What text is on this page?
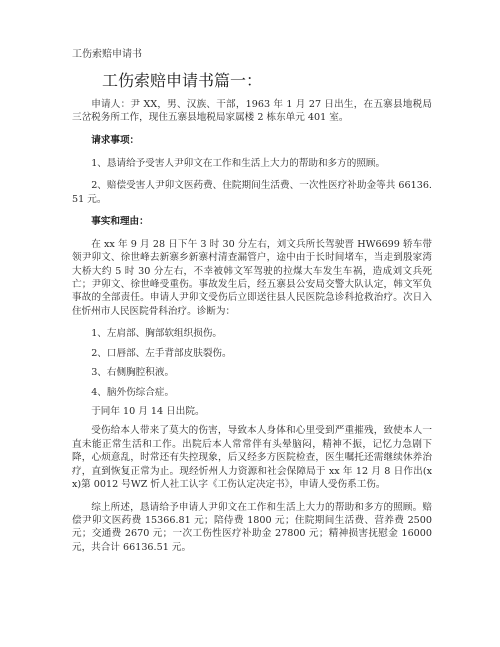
工伤索赔申请书
工伤索赔申请书篇一：

申请人：尹 XX，男、汉族、干部，1963 年 1 月 27 日出生，在五寨县地税局三岔税务所工作，现住五寨县地税局家属楼 2 栋东单元 401 室。

请求事项：

1、恳请给予受害人尹卯文在工作和生活上大力的帮助和多方的照顾。

2、赔偿受害人尹卯文医药费、住院期间生活费、一次性医疗补助金等共 66136.51 元。

事实和理由：

在 xx 年 9 月 28 日下午 3 时 30 分左右，刘文兵所长驾驶晋 HW6699 轿车带领尹卯文、徐世峰去新寨乡新寨村清查漏管户，途中由于长时间堵车，当走到殷家湾大桥大约 5 时 30 分左右，不幸被韩文军驾驶的拉煤大车发生车祸，造成刘文兵死亡；尹卯文、徐世峰受重伤。事故发生后，经五寨县公安局交警大队认定，韩文军负事故的全部责任。申请人尹卯文受伤后立即送往县人民医院急诊科抢救治疗。次日入住忻州市人民医院骨科治疗。诊断为：

1、左肩部、胸部软组织损伤。

2、口唇部、左手背部皮肤裂伤。

3、右侧胸腔积液。

4、脑外伤综合症。

于同年 10 月 14 日出院。

受伤给本人带来了莫大的伤害，导致本人身体和心里受到严重摧残，致使本人一直未能正常生活和工作。出院后本人常常伴有头晕脑闷，精神不振，记忆力急剧下降，心烦意乱，时常还有失控现象，后又经多方医院检查，医生嘱托还需继续休养治疗，直到恢复正常为止。现经忻州人力资源和社会保障局于 xx 年 12 月 8 日作出(xx)第 0012 号WZ 忻人社工认字《工伤认定决定书》，申请人受伤系工伤。

综上所述，恳请给予申请人尹卯文在工作和生活上大力的帮助和多方的照顾。赔偿尹卯文医药费 15366.81 元；陪侍费 1800 元；住院期间生活费、营养费 2500 元；交通费 2670 元；一次工伤性医疗补助金 27800 元；精神损害抚慰金 16000 元，共合计 66136.51 元。
